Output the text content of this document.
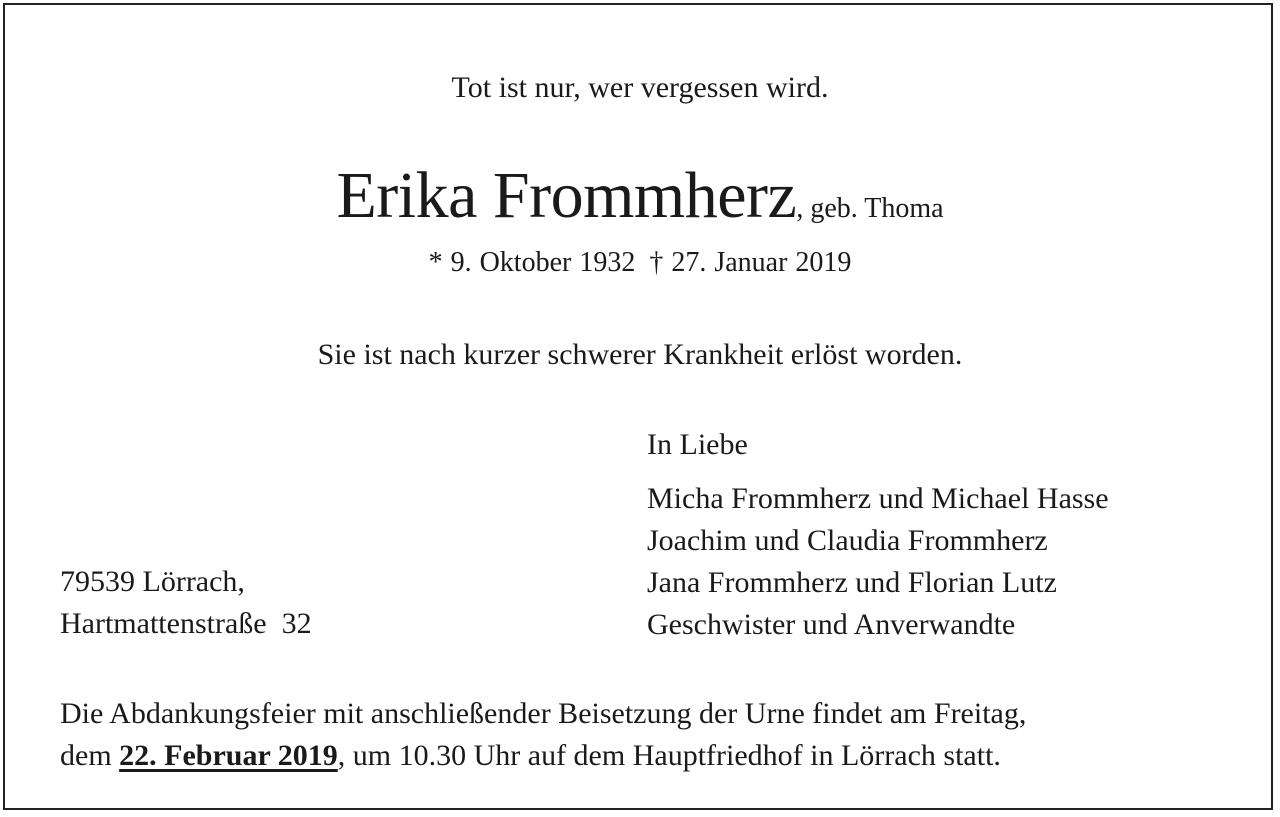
Tot ist nur, wer vergessen wird.
Erika Frommherz, geb. Thoma
* 9. Oktober 1932 † 27. Januar 2019
Sie ist nach kurzer schwerer Krankheit erlöst worden.
In Liebe
Micha Frommherz und Michael Hasse
Joachim und Claudia Frommherz
Jana Frommherz und Florian Lutz
Geschwister und Anverwandte
79539 Lörrach,
Hartmattenstraße  32
Die Abdankungsfeier mit anschließender Beisetzung der Urne findet am Freitag,
dem 22. Februar 2019, um 10.30 Uhr auf dem Hauptfriedhof in Lörrach statt.
